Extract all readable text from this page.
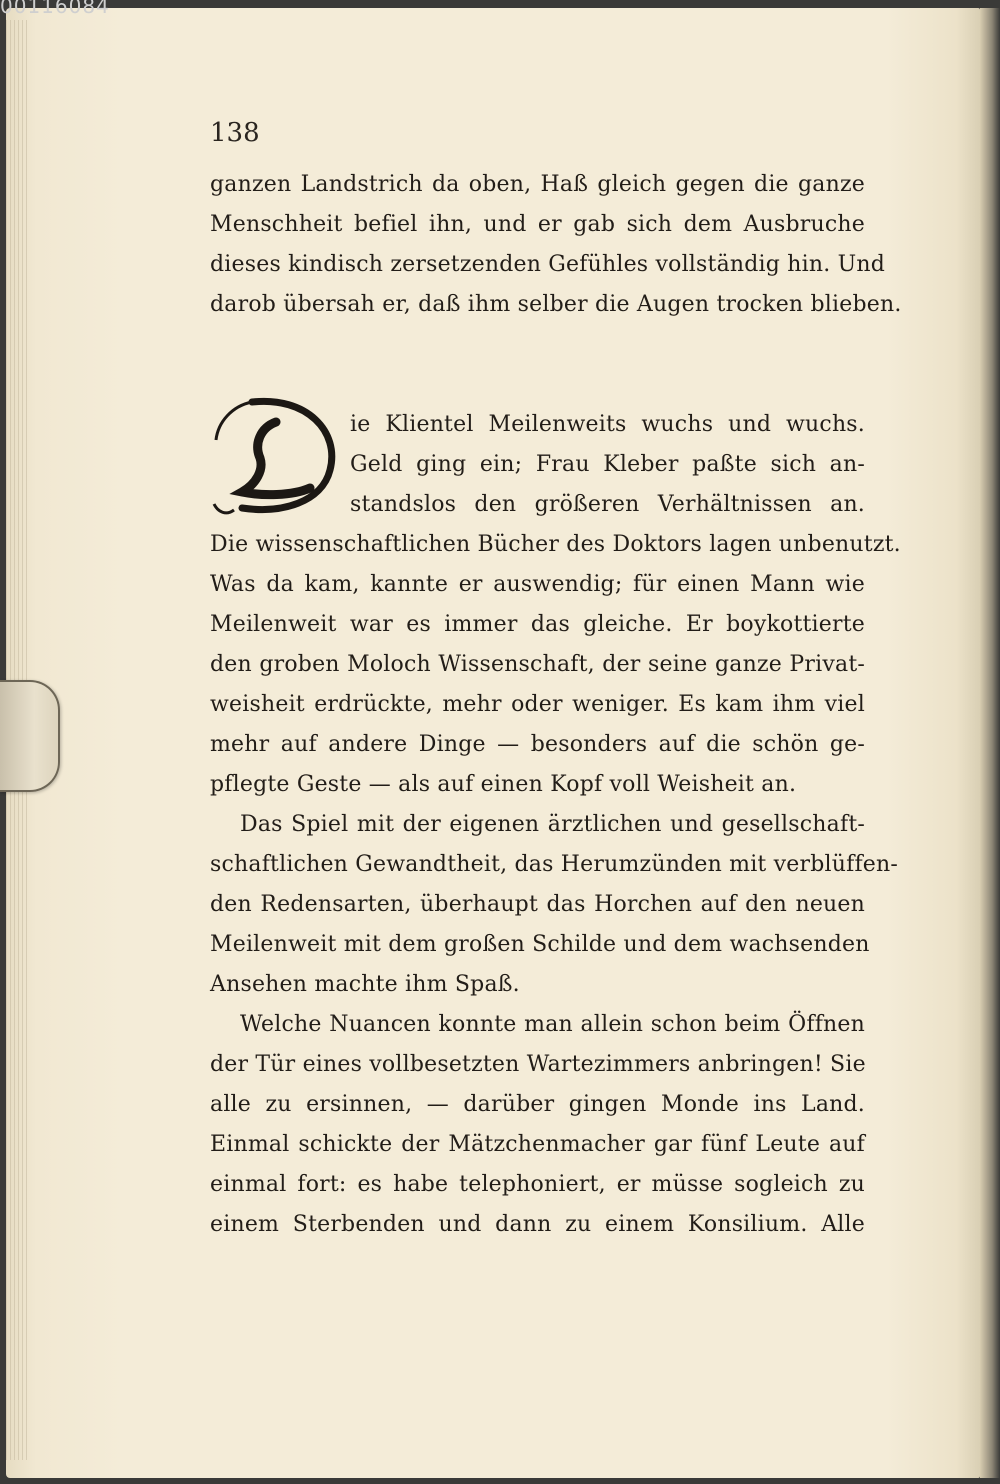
00116084
138
ganzen Landstrich da oben, Haß gleich gegen die ganze
Menschheit befiel ihn, und er gab sich dem Ausbruche
dieses kindisch zersetzenden Gefühles vollständig hin. Und
darob übersah er, daß ihm selber die Augen trocken blieben.
D
ie Klientel Meilenweits wuchs und wuchs.
Geld ging ein; Frau Kleber paßte sich an-
standslos den größeren Verhältnissen an.
Die wissenschaftlichen Bücher des Doktors lagen unbenutzt.
Was da kam, kannte er auswendig; für einen Mann wie
Meilenweit war es immer das gleiche. Er boykottierte
den groben Moloch Wissenschaft, der seine ganze Privat-
weisheit erdrückte, mehr oder weniger. Es kam ihm viel
mehr auf andere Dinge — besonders auf die schön ge-
pflegte Geste — als auf einen Kopf voll Weisheit an.
Das Spiel mit der eigenen ärztlichen und gesellschaft-
schaftlichen Gewandtheit, das Herumzünden mit verblüffen-
den Redensarten, überhaupt das Horchen auf den neuen
Meilenweit mit dem großen Schilde und dem wachsenden
Ansehen machte ihm Spaß.
Welche Nuancen konnte man allein schon beim Öffnen
der Tür eines vollbesetzten Wartezimmers anbringen! Sie
alle zu ersinnen, — darüber gingen Monde ins Land.
Einmal schickte der Mätzchenmacher gar fünf Leute auf
einmal fort: es habe telephoniert, er müsse sogleich zu
einem Sterbenden und dann zu einem Konsilium. Alle
